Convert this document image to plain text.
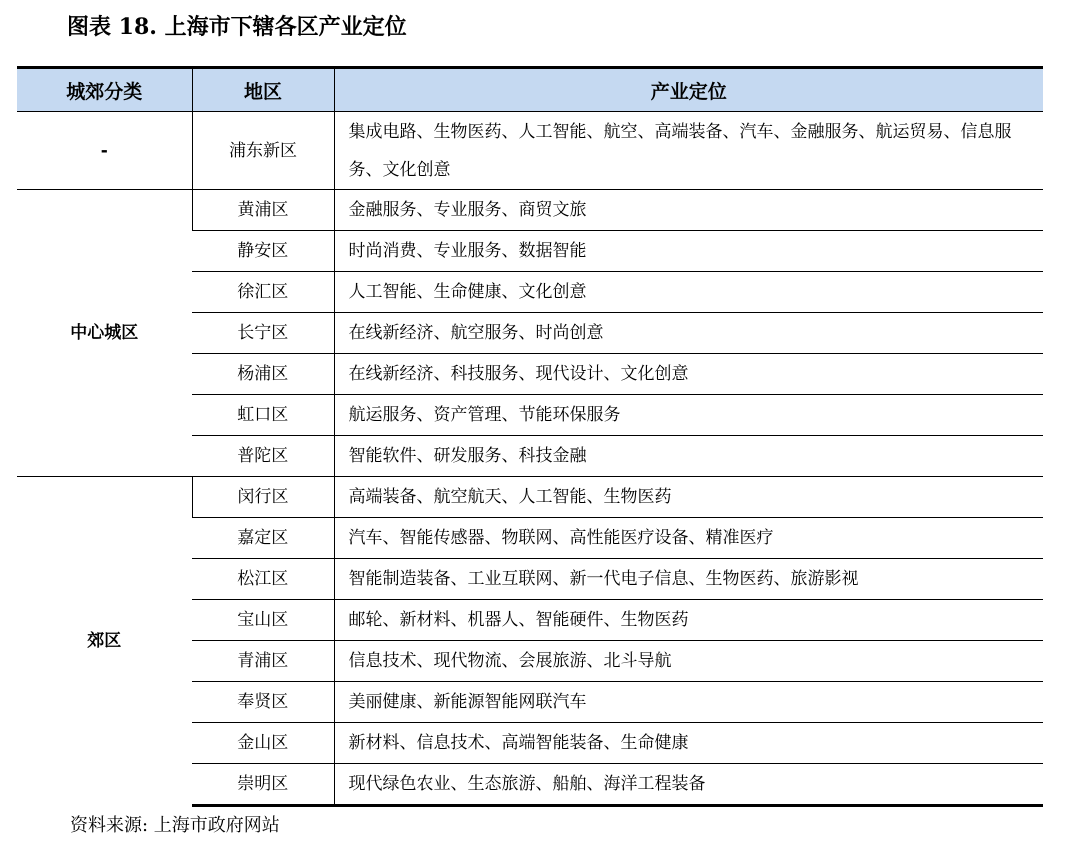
图表 18. 上海市下辖各区产业定位
城郊分类	地区	产业定位
-	浦东新区	集成电路、生物医药、人工智能、航空、高端装备、汽车、金融服务、航运贸易、信息服务、文化创意
中心城区	黄浦区	金融服务、专业服务、商贸文旅
	静安区	时尚消费、专业服务、数据智能
	徐汇区	人工智能、生命健康、文化创意
	长宁区	在线新经济、航空服务、时尚创意
	杨浦区	在线新经济、科技服务、现代设计、文化创意
	虹口区	航运服务、资产管理、节能环保服务
	普陀区	智能软件、研发服务、科技金融
郊区	闵行区	高端装备、航空航天、人工智能、生物医药
	嘉定区	汽车、智能传感器、物联网、高性能医疗设备、精准医疗
	松江区	智能制造装备、工业互联网、新一代电子信息、生物医药、旅游影视
	宝山区	邮轮、新材料、机器人、智能硬件、生物医药
	青浦区	信息技术、现代物流、会展旅游、北斗导航
	奉贤区	美丽健康、新能源智能网联汽车
	金山区	新材料、信息技术、高端智能装备、生命健康
	崇明区	现代绿色农业、生态旅游、船舶、海洋工程装备
资料来源: 上海市政府网站
